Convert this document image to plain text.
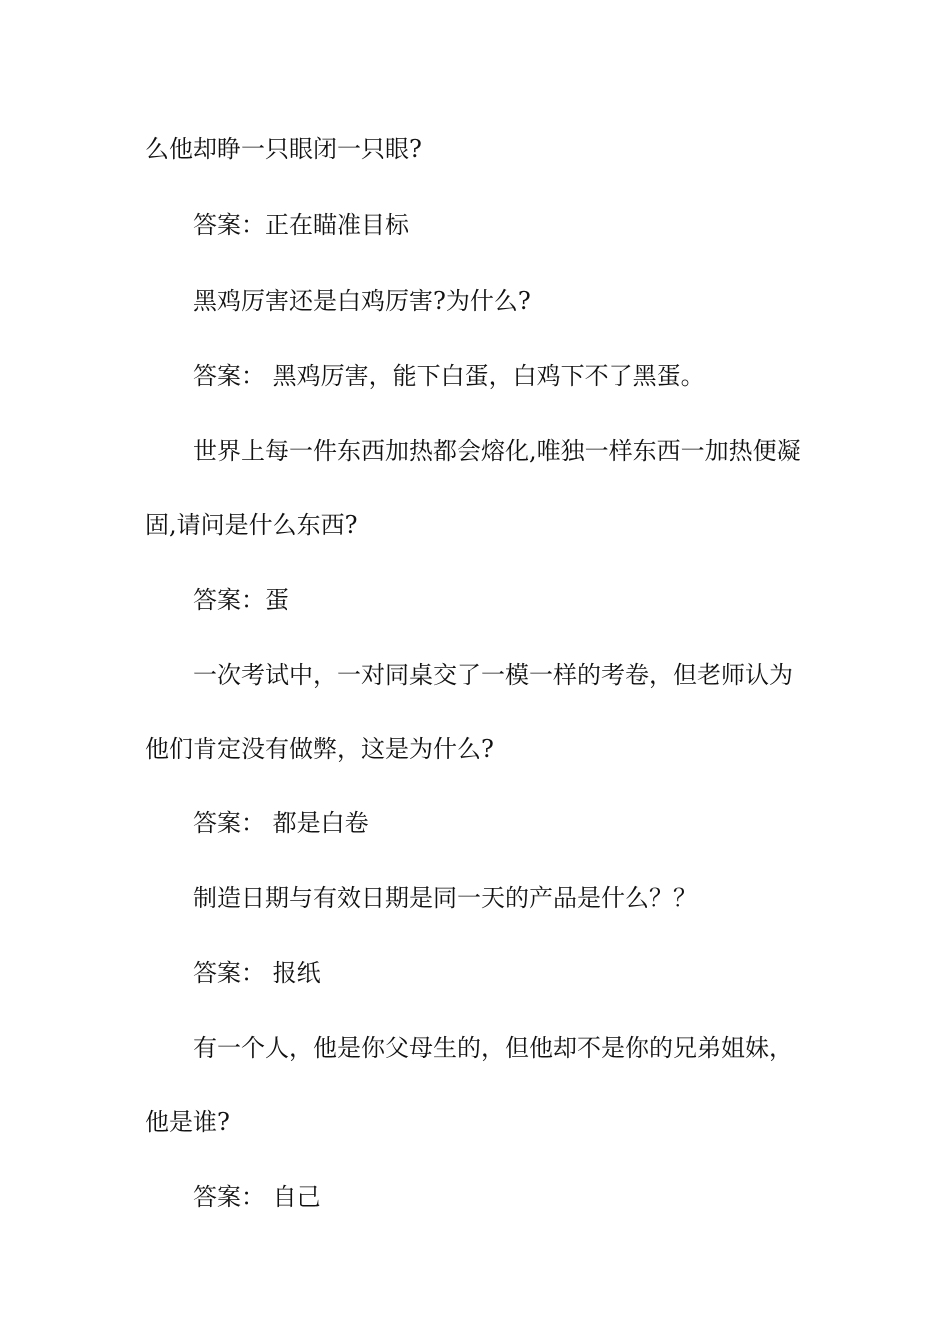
么他却睁一只眼闭一只眼?
答案：正在瞄准目标
黑鸡厉害还是白鸡厉害?为什么?
答案： 黑鸡厉害，能下白蛋，白鸡下不了黑蛋。
世界上每一件东西加热都会熔化,唯独一样东西一加热便凝
固,请问是什么东西?
答案：蛋
一次考试中，一对同桌交了一模一样的考卷，但老师认为
他们肯定没有做弊，这是为什么?
答案： 都是白卷
制造日期与有效日期是同一天的产品是什么？？
答案： 报纸
有一个人，他是你父母生的，但他却不是你的兄弟姐妹，
他是谁?
答案： 自己
